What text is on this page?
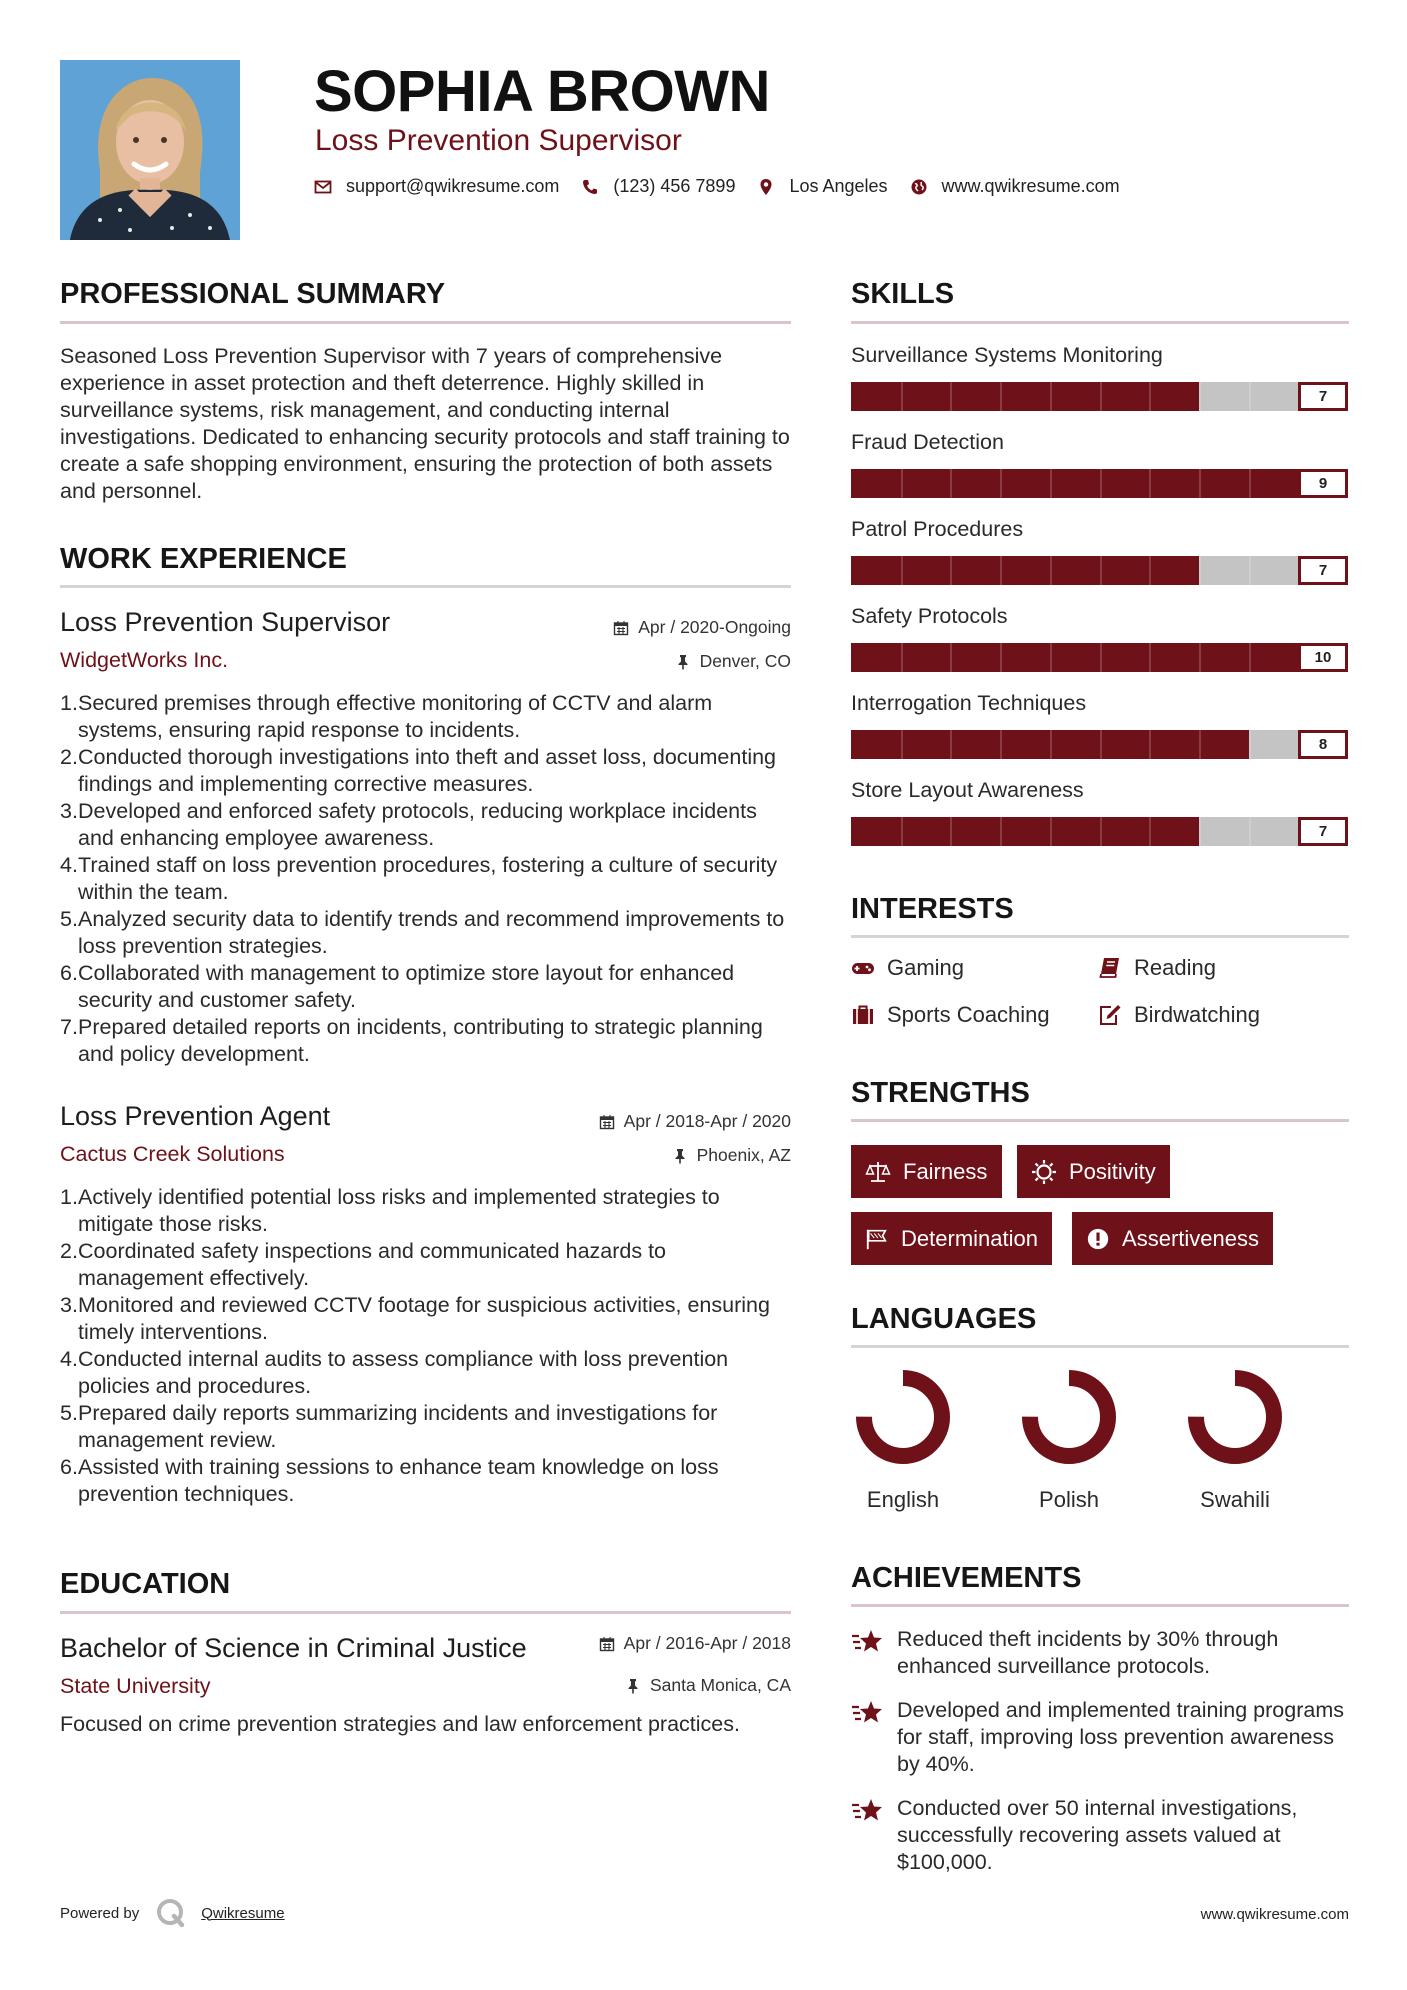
SOPHIA BROWN
Loss Prevention Supervisor
support@qwikresume.com	(123) 456 7899	Los Angeles	www.qwikresume.com
PROFESSIONAL SUMMARY
Seasoned Loss Prevention Supervisor with 7 years of comprehensive experience in asset protection and theft deterrence. Highly skilled in surveillance systems, risk management, and conducting internal investigations. Dedicated to enhancing security protocols and staff training to create a safe shopping environment, ensuring the protection of both assets and personnel.
WORK EXPERIENCE
Loss Prevention Supervisor	Apr / 2020-Ongoing
WidgetWorks Inc.	Denver, CO
Secured premises through effective monitoring of CCTV and alarm systems, ensuring rapid response to incidents.
Conducted thorough investigations into theft and asset loss, documenting findings and implementing corrective measures.
Developed and enforced safety protocols, reducing workplace incidents and enhancing employee awareness.
Trained staff on loss prevention procedures, fostering a culture of security within the team.
Analyzed security data to identify trends and recommend improvements to loss prevention strategies.
Collaborated with management to optimize store layout for enhanced security and customer safety.
Prepared detailed reports on incidents, contributing to strategic planning and policy development.
Loss Prevention Agent	Apr / 2018-Apr / 2020
Cactus Creek Solutions	Phoenix, AZ
Actively identified potential loss risks and implemented strategies to mitigate those risks.
Coordinated safety inspections and communicated hazards to management effectively.
Monitored and reviewed CCTV footage for suspicious activities, ensuring timely interventions.
Conducted internal audits to assess compliance with loss prevention policies and procedures.
Prepared daily reports summarizing incidents and investigations for management review.
Assisted with training sessions to enhance team knowledge on loss prevention techniques.
EDUCATION
Bachelor of Science in Criminal Justice	Apr / 2016-Apr / 2018
State University	Santa Monica, CA
Focused on crime prevention strategies and law enforcement practices.
SKILLS
Surveillance Systems Monitoring
7
Fraud Detection
9
Patrol Procedures
7
Safety Protocols
10
Interrogation Techniques
8
Store Layout Awareness
7
INTERESTS
Gaming	Reading
Sports Coaching	Birdwatching
STRENGTHS
Fairness	Positivity
Determination	Assertiveness
LANGUAGES
English	Polish	Swahili
ACHIEVEMENTS
Reduced theft incidents by 30% through enhanced surveillance protocols.
Developed and implemented training programs for staff, improving loss prevention awareness by 40%.
Conducted over 50 internal investigations, successfully recovering assets valued at $100,000.
Powered by	Qwikresume	www.qwikresume.com
